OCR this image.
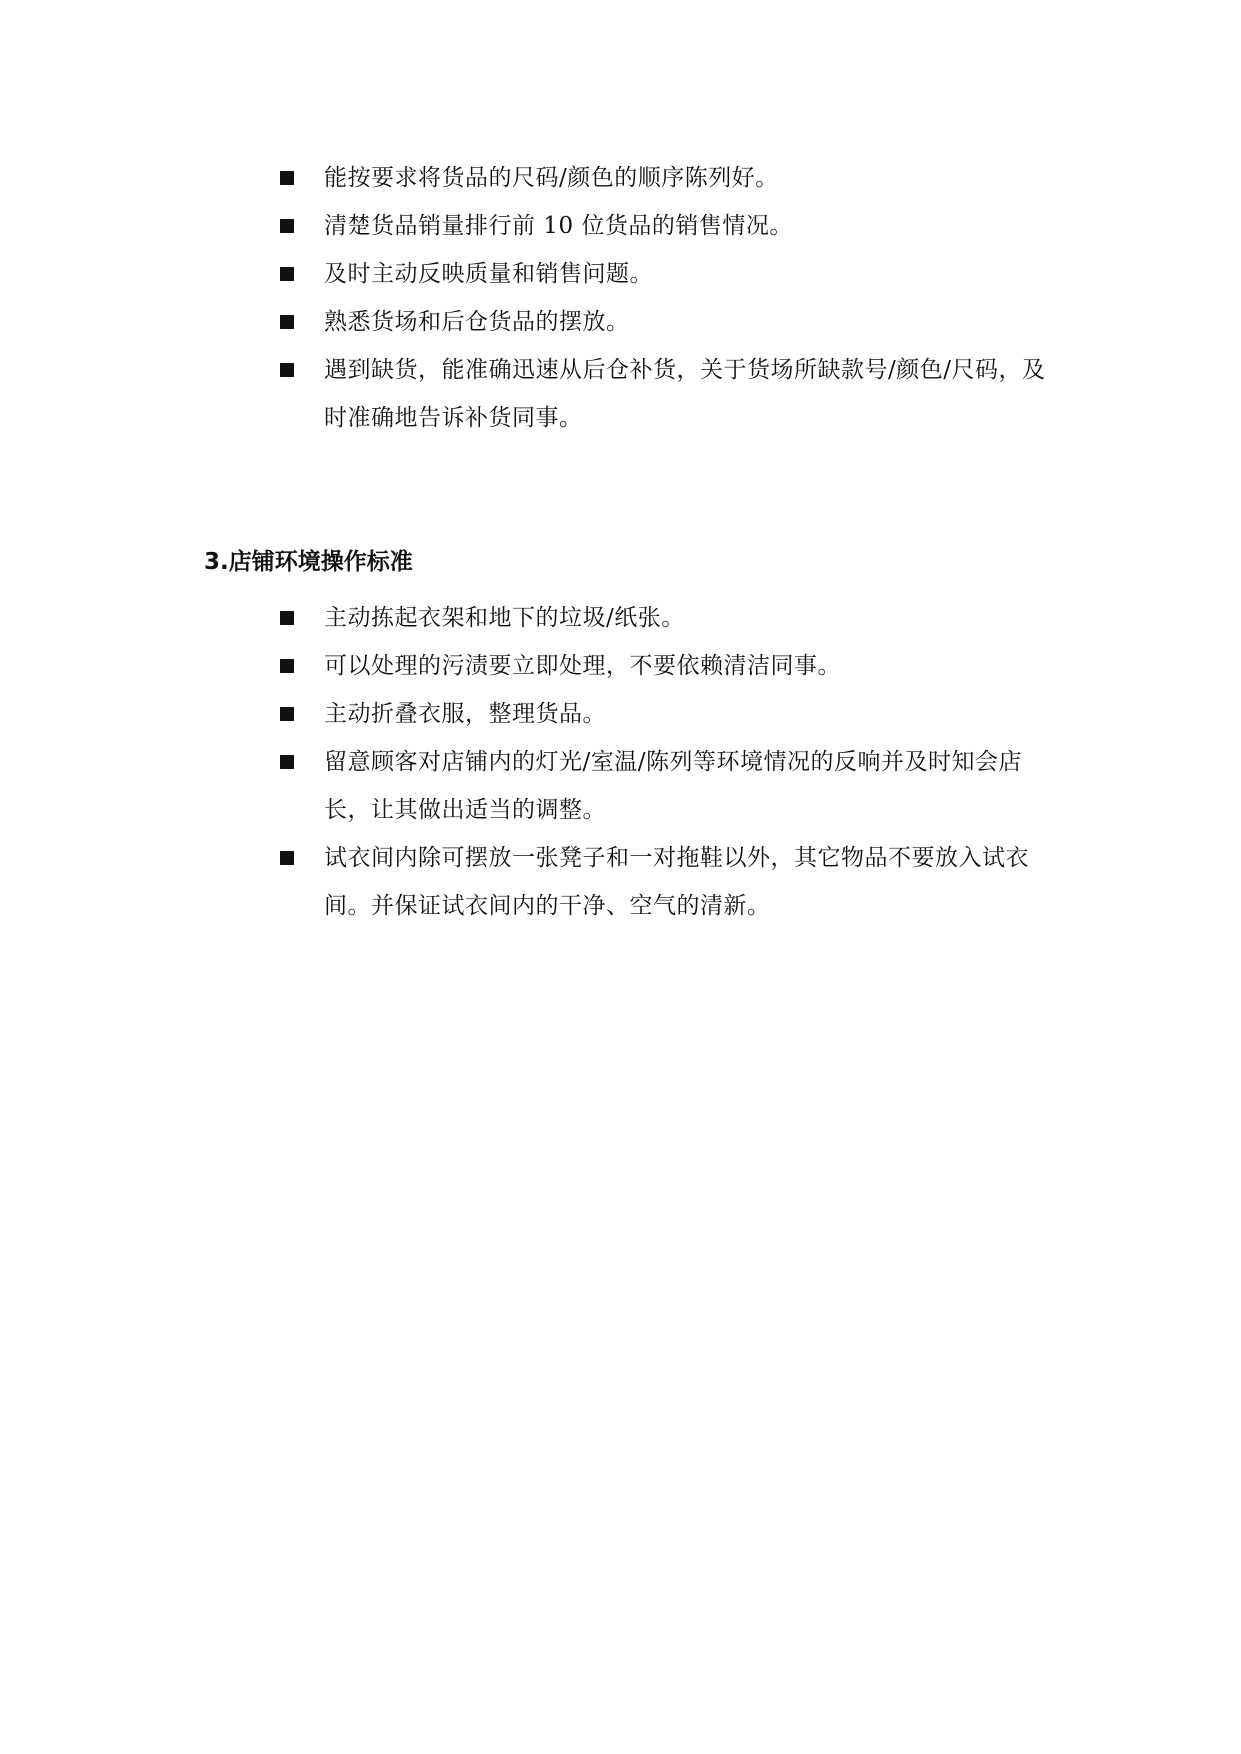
能按要求将货品的尺码/颜色的顺序陈列好。
清楚货品销量排行前 10 位货品的销售情况。
及时主动反映质量和销售问题。
熟悉货场和后仓货品的摆放。
遇到缺货，能准确迅速从后仓补货，关于货场所缺款号/颜色/尺码，及时准确地告诉补货同事。
3.店铺环境操作标准
主动拣起衣架和地下的垃圾/纸张。
可以处理的污渍要立即处理，不要依赖清洁同事。
主动折叠衣服，整理货品。
留意顾客对店铺内的灯光/室温/陈列等环境情况的反响并及时知会店长，让其做出适当的调整。
试衣间内除可摆放一张凳子和一对拖鞋以外，其它物品不要放入试衣间。并保证试衣间内的干净、空气的清新。
